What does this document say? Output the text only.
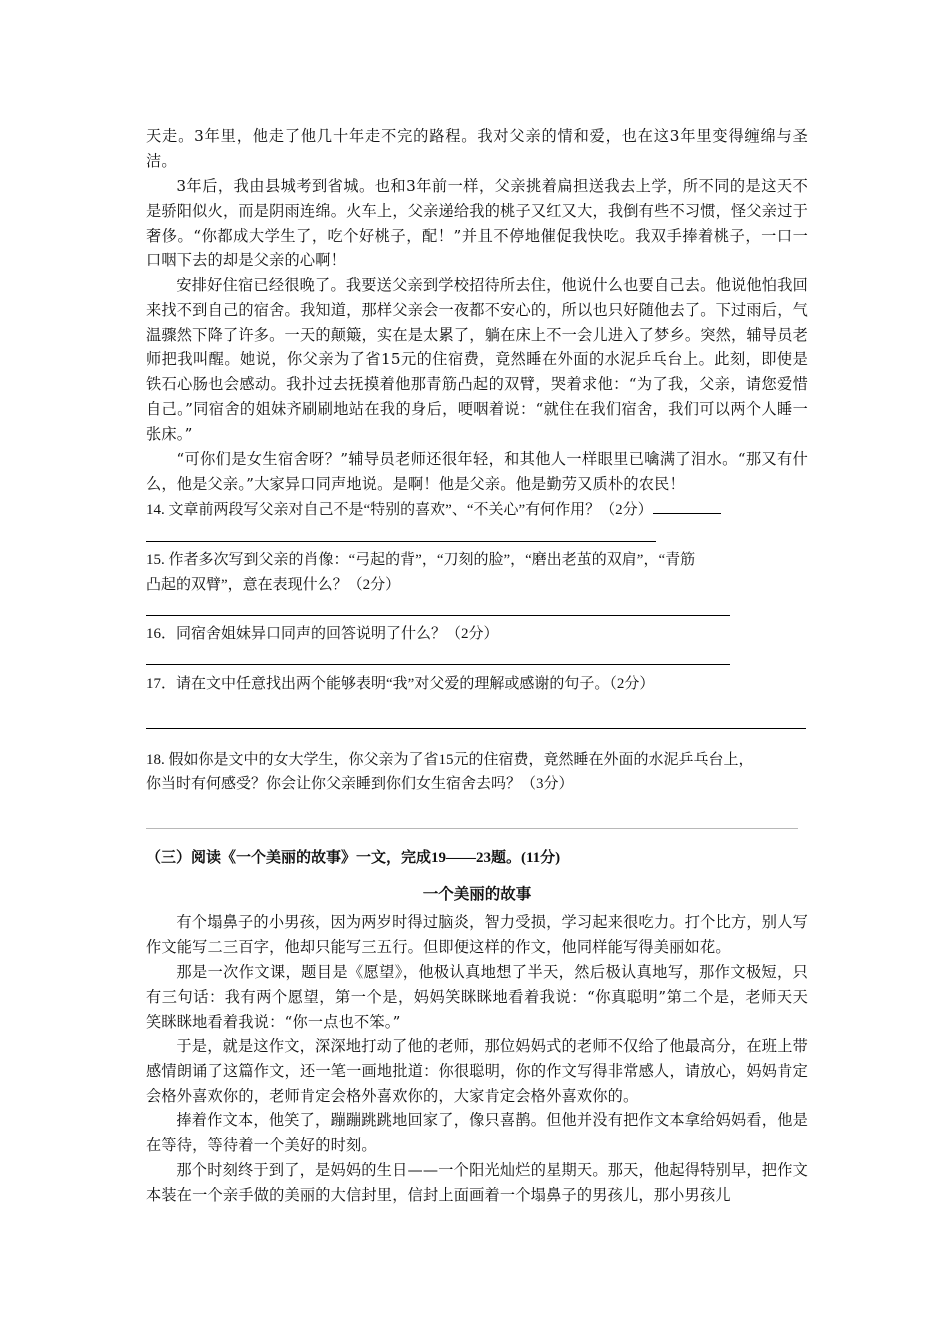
天走。3年里，他走了他几十年走不完的路程。我对父亲的情和爱，也在这3年里变得缠绵与圣洁。
3年后，我由县城考到省城。也和3年前一样，父亲挑着扁担送我去上学，所不同的是这天不是骄阳似火，而是阴雨连绵。火车上，父亲递给我的桃子又红又大，我倒有些不习惯，怪父亲过于奢侈。“你都成大学生了，吃个好桃子，配！”并且不停地催促我快吃。我双手捧着桃子，一口一口咽下去的却是父亲的心啊！
安排好住宿已经很晚了。我要送父亲到学校招待所去住，他说什么也要自己去。他说他怕我回来找不到自己的宿舍。我知道，那样父亲会一夜都不安心的，所以也只好随他去了。下过雨后，气温骤然下降了许多。一天的颠簸，实在是太累了，躺在床上不一会儿进入了梦乡。突然，辅导员老师把我叫醒。她说，你父亲为了省15元的住宿费，竟然睡在外面的水泥乒乓台上。此刻，即使是铁石心肠也会感动。我扑过去抚摸着他那青筋凸起的双臂，哭着求他：“为了我，父亲，请您爱惜自己。”同宿舍的姐妹齐刷刷地站在我的身后，哽咽着说：“就住在我们宿舍，我们可以两个人睡一张床。”
“可你们是女生宿舍呀？”辅导员老师还很年轻，和其他人一样眼里已噙满了泪水。“那又有什么，他是父亲。”大家异口同声地说。是啊！他是父亲。他是勤劳又质朴的农民！
14. 文章前两段写父亲对自己不是“特别的喜欢”、“不关心”有何作用？（2分）
15. 作者多次写到父亲的肖像：“弓起的背”，“刀刻的脸”，“磨出老茧的双肩”，“青筋
凸起的双臂”，意在表现什么？（2分）
16．同宿舍姐妹异口同声的回答说明了什么？（2分）
17．请在文中任意找出两个能够表明“我”对父爱的理解或感谢的句子。（2分）
18. 假如你是文中的女大学生，你父亲为了省15元的住宿费，竟然睡在外面的水泥乒乓台上，
你当时有何感受？你会让你父亲睡到你们女生宿舍去吗？（3分）
（三）阅读《一个美丽的故事》一文，完成19——23题。(11分)
一个美丽的故事
有个塌鼻子的小男孩，因为两岁时得过脑炎，智力受损，学习起来很吃力。打个比方，别人写作文能写二三百字，他却只能写三五行。但即便这样的作文，他同样能写得美丽如花。
那是一次作文课，题目是《愿望》，他极认真地想了半天，然后极认真地写，那作文极短，只有三句话：我有两个愿望，第一个是，妈妈笑眯眯地看着我说：“你真聪明”第二个是，老师天天笑眯眯地看着我说：“你一点也不笨。”
于是，就是这作文，深深地打动了他的老师，那位妈妈式的老师不仅给了他最高分，在班上带感情朗诵了这篇作文，还一笔一画地批道：你很聪明，你的作文写得非常感人，请放心，妈妈肯定会格外喜欢你的，老师肯定会格外喜欢你的，大家肯定会格外喜欢你的。
捧着作文本，他笑了，蹦蹦跳跳地回家了，像只喜鹊。但他并没有把作文本拿给妈妈看，他是在等待，等待着一个美好的时刻。
那个时刻终于到了，是妈妈的生日——一个阳光灿烂的星期天。那天，他起得特别早，把作文本装在一个亲手做的美丽的大信封里，信封上面画着一个塌鼻子的男孩儿，那小男孩儿
